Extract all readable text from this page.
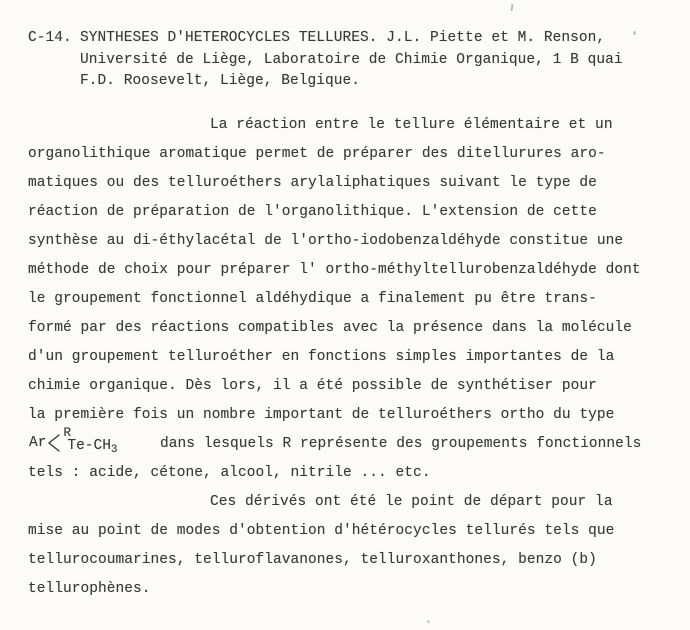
C-14. SYNTHESES D'HETEROCYCLES TELLURES. J.L. Piette et M. Renson,
Université de Liège, Laboratoire de Chimie Organique, 1 B quai
F.D. Roosevelt, Liège, Belgique.
La réaction entre le tellure élémentaire et un
organolithique aromatique permet de préparer des ditellurures aro-
matiques ou des telluroéthers arylaliphatiques suivant le type de
réaction de préparation de l'organolithique. L'extension de cette
synthèse au di-éthylacétal de l'ortho-iodobenzaldéhyde constitue une
méthode de choix pour préparer l' ortho-méthyltellurobenzaldéhyde dont
le groupement fonctionnel aldéhydique a finalement pu être trans-
formé par des réactions compatibles avec la présence dans la molécule
d'un groupement telluroéther en fonctions simples importantes de la
chimie organique. Dès lors, il a été possible de synthétiser pour
la première fois un nombre important de telluroéthers ortho du type
dans lesquels R représente des groupements fonctionnels
tels : acide, cétone, alcool, nitrile ... etc.
Ces dérivés ont été le point de départ pour la
mise au point de modes d'obtention d'hétérocycles tellurés tels que
tellurocoumarines, telluroflavanones, telluroxanthones, benzo (b)
tellurophènes.
Ar
R
$Te-CH_3$
